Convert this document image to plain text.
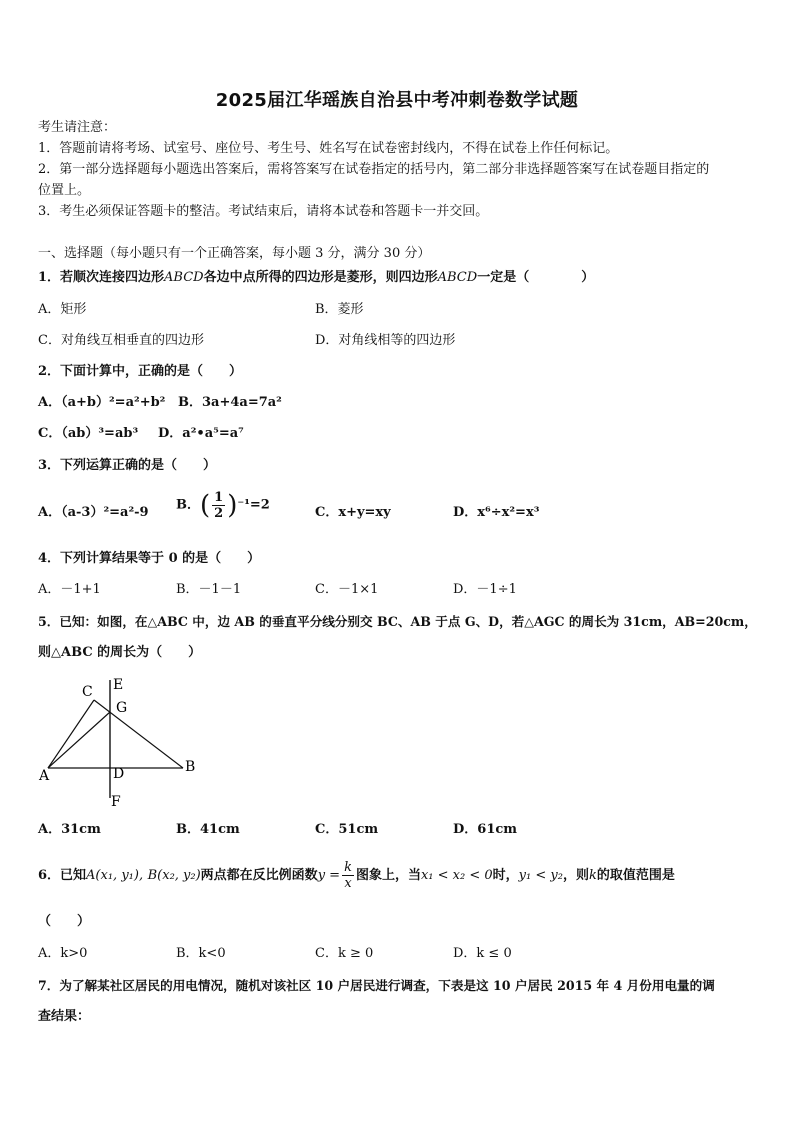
2025届江华瑶族自治县中考冲刺卷数学试题
考生请注意：
1．答题前请将考场、试室号、座位号、考生号、姓名写在试卷密封线内，不得在试卷上作任何标记。
2．第一部分选择题每小题选出答案后，需将答案写在试卷指定的括号内，第二部分非选择题答案写在试卷题目指定的
位置上。
3．考生必须保证答题卡的整洁。考试结束后，请将本试卷和答题卡一并交回。
一、选择题（每小题只有一个正确答案，每小题 3 分，满分 30 分）
1．若顺次连接四边形ABCD各边中点所得的四边形是菱形，则四边形ABCD一定是（　　　　）
A．矩形	B．菱形
C．对角线互相垂直的四边形	D．对角线相等的四边形
2．下面计算中，正确的是（　　）
A．（a+b）²=a²+b² B．3a+4a=7a²
C．（ab）³=ab³ D．a²•a⁵=a⁷
3．下列运算正确的是（　　）
A．（a-3）²=a²-9 B．( $\frac{1}{2} )^{-1}=2$	C．x+y=xy	D．x⁶÷x²=x³
4．下列计算结果等于 0 的是（　　）
A．－1+1	B．－1－1	C．－1×1	D．－1÷1
5．已知：如图，在△ABC 中，边 AB 的垂直平分线分别交 BC、AB 于点 G、D，若△AGC 的周长为 31cm，AB=20cm，
则△ABC 的周长为（　　）
C E
G
A	D	B
F
A．31cm	B．41cm	C．51cm	D．61cm
6．已知A(x₁, y₁), B(x₂, y₂)两点都在反比例函数$y = \frac{k}{x}$ 图象上，当x₁ < x₂ < 0时，y₁ < y₂，则k的取值范围是
（　　）
A．k>0	B．k<0	C．k ≥ 0	D．k ≤ 0
7．为了解某社区居民的用电情况，随机对该社区 10 户居民进行调查，下表是这 10 户居民 2015 年 4 月份用电量的调
查结果：
